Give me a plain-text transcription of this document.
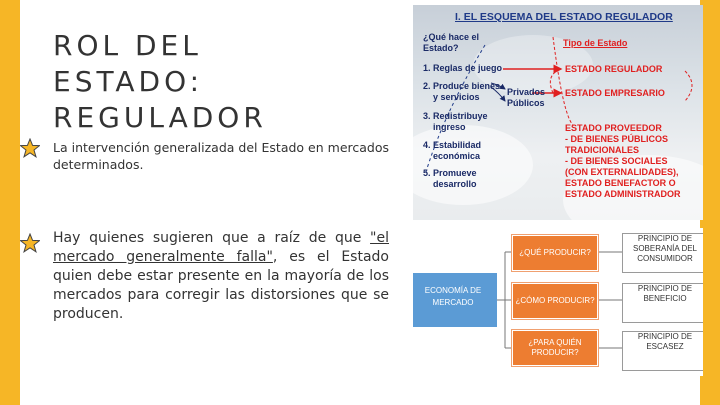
ROL DEL ESTADO: REGULADOR
La intervención generalizada del Estado en mercados determinados.
Hay quienes sugieren que a raíz de que "el mercado generalmente falla", es el Estado quien debe estar presente en la mayoría de los mercados para corregir las distorsiones que se producen.
I. EL ESQUEMA DEL ESTADO REGULADOR
¿Qué hace el
Estado?	Tipo de Estado
1. Reglas de juego
2. Produce bienes
y servicios
3. Redistribuye
ingreso
4. Estabilidad
económica
5. Promueve
desarrollo
Privados
Públicos
ESTADO REGULADOR
ESTADO EMPRESARIO
ESTADO PROVEEDOR
- DE BIENES PÚBLICOS
TRADICIONALES
- DE BIENES SOCIALES
(CON EXTERNALIDADES),
ESTADO BENEFACTOR O
ESTADO ADMINISTRADOR
ECONOMÍA DE MERCADO
¿QUÉ PRODUCIR?
¿CÓMO PRODUCIR?
¿PARA QUIÉN PRODUCIR?
PRINCIPIO DE SOBERANÍA DEL CONSUMIDOR
PRINCIPIO DE BENEFICIO
PRINCIPIO DE ESCASEZ
